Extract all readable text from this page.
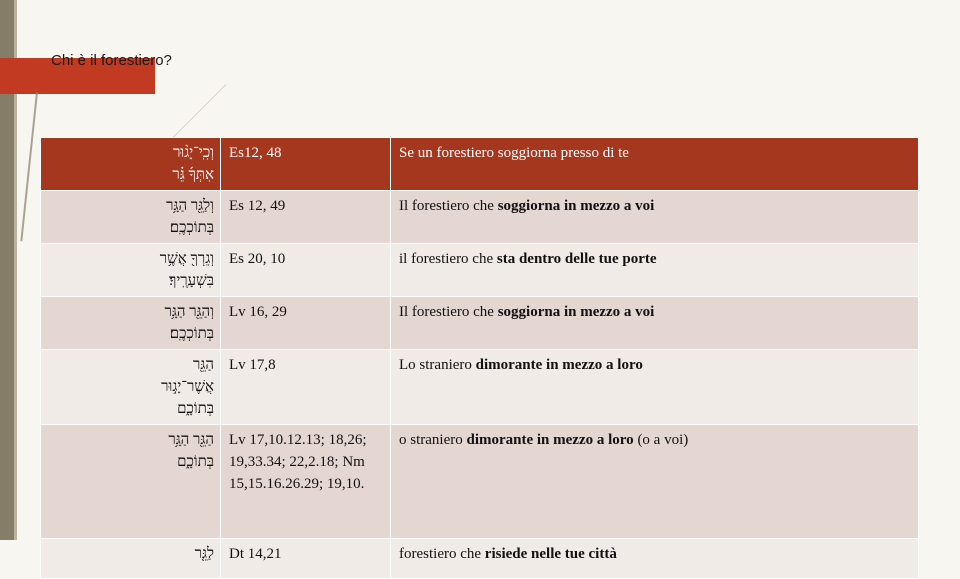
Chi è il forestiero?
וְכִֽי־יָג֨וּר
אִתְּךָ֜ גֵּ֗ר	Es12, 48	Se un forestiero soggiorna presso di te

וְלַגֵּ֖ר הַגָּ֥ר
בְּתוֹכְכֶֽם׃	Es 12, 49	Il forestiero che soggiorna in mezzo a voi

וְגֵרְךָ֖ אֲשֶׁ֥ר
בִּשְׁעָרֶֽיךָ׃	Es 20, 10	il forestiero che sta dentro delle tue porte

וְהַגֵּ֖ר הַגָּ֥ר
בְּתוֹכְכֶֽם׃	Lv 16, 29	Il forestiero che soggiorna in mezzo a voi

הַגֵּ֖ר
אֲשֶׁר־יָג֣וּר
בְּתוֹכָ֑ם	Lv 17,8	Lo straniero dimorante in mezzo a loro

הַגֵּ֖ר הַגָּ֥ר
בְּתוֹכָ֑ם	Lv 17,10.12.13; 18,26; 19,33.34; 22,2.18; Nm 15,15.16.26.29; 19,10.	o straniero dimorante in mezzo a loro (o a voi)

לַגֵּ֤ר	Dt 14,21	forestiero che risiede nelle tue città
